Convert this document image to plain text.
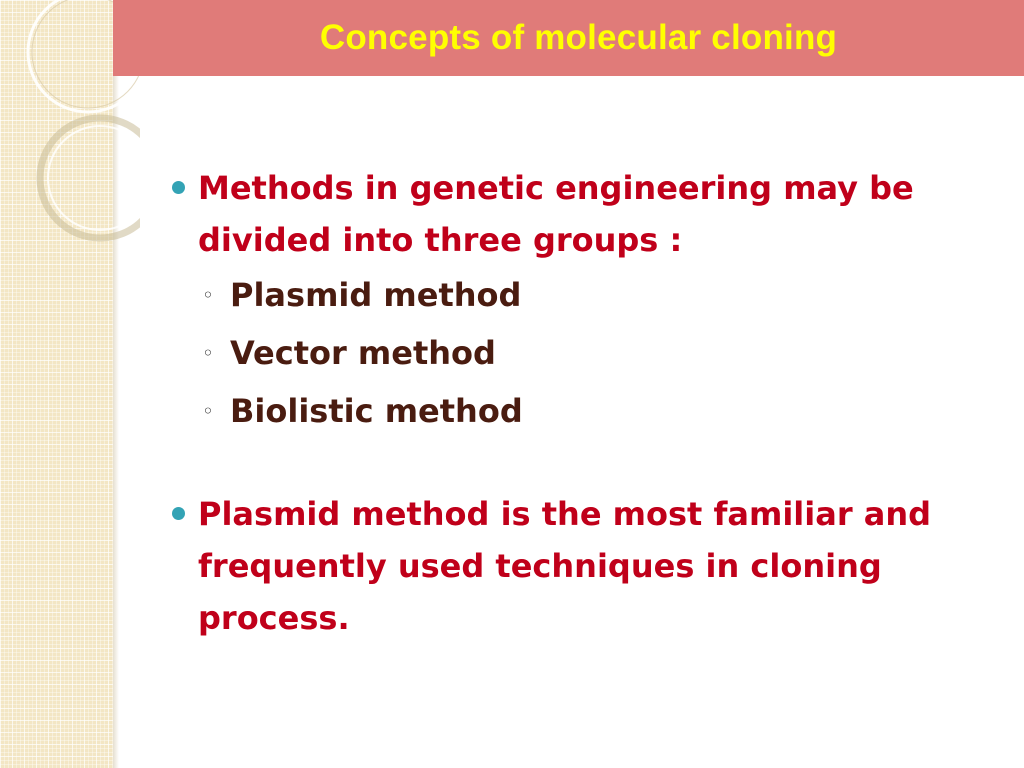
Concepts of molecular cloning
Methods in genetic engineering may be divided into three groups :
◦ Plasmid method
◦ Vector method
◦ Biolistic method
Plasmid method is the most familiar and frequently used techniques in cloning process.
